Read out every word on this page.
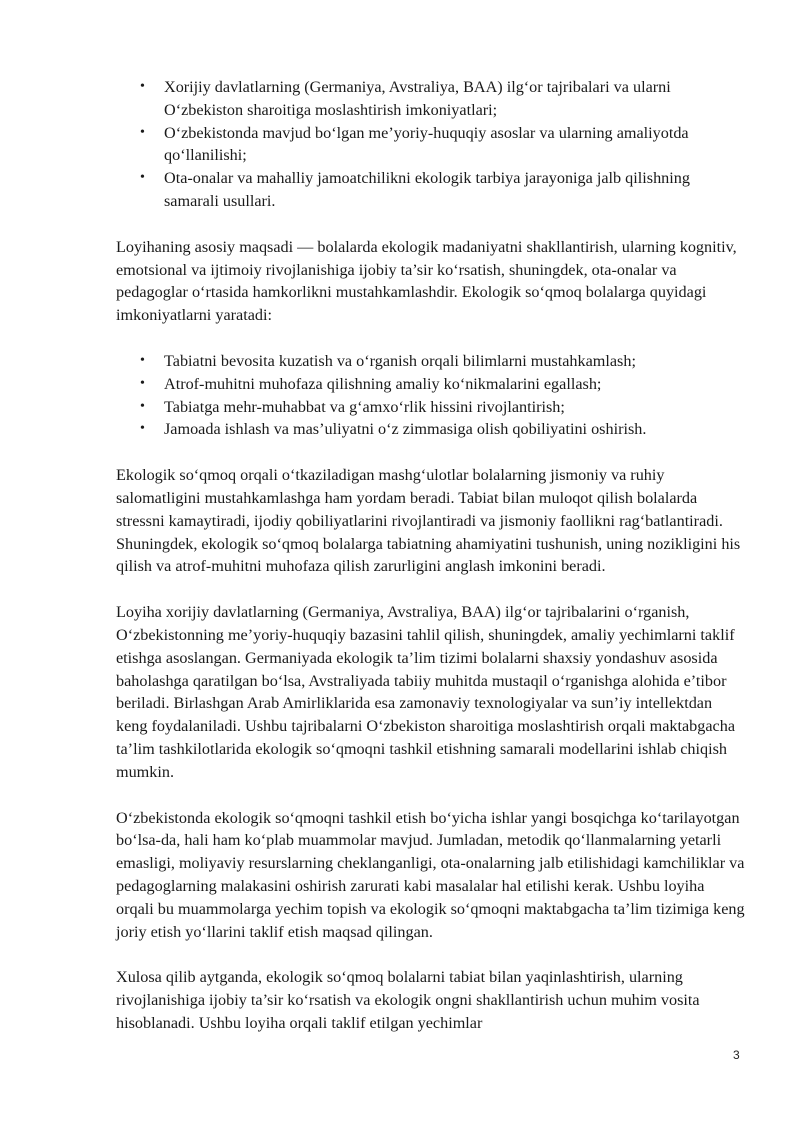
• Xorijiy davlatlarning (Germaniya, Avstraliya, BAA) ilg‘or tajribalari va ularni O‘zbekiston sharoitiga moslashtirish imkoniyatlari;
• O‘zbekistonda mavjud bo‘lgan me’yoriy-huquqiy asoslar va ularning amaliyotda qo‘llanilishi;
• Ota-onalar va mahalliy jamoatchilikni ekologik tarbiya jarayoniga jalb qilishning samarali usullari.

Loyihaning asosiy maqsadi — bolalarda ekologik madaniyatni shakllantirish, ularning kognitiv, emotsional va ijtimoiy rivojlanishiga ijobiy ta’sir ko‘rsatish, shuningdek, ota-onalar va pedagoglar o‘rtasida hamkorlikni mustahkamlashdir. Ekologik so‘qmoq bolalarga quyidagi imkoniyatlarni yaratadi:

• Tabiatni bevosita kuzatish va o‘rganish orqali bilimlarni mustahkamlash;
• Atrof-muhitni muhofaza qilishning amaliy ko‘nikmalarini egallash;
• Tabiatga mehr-muhabbat va g‘amxo‘rlik hissini rivojlantirish;
• Jamoada ishlash va mas’uliyatni o‘z zimmasiga olish qobiliyatini oshirish.

Ekologik so‘qmoq orqali o‘tkaziladigan mashg‘ulotlar bolalarning jismoniy va ruhiy salomatligini mustahkamlashga ham yordam beradi. Tabiat bilan muloqot qilish bolalarda stressni kamaytiradi, ijodiy qobiliyatlarini rivojlantiradi va jismoniy faollikni rag‘batlantiradi. Shuningdek, ekologik so‘qmoq bolalarga tabiatning ahamiyatini tushunish, uning nozikligini his qilish va atrof-muhitni muhofaza qilish zarurligini anglash imkonini beradi.

Loyiha xorijiy davlatlarning (Germaniya, Avstraliya, BAA) ilg‘or tajribalarini o‘rganish, O‘zbekistonning me’yoriy-huquqiy bazasini tahlil qilish, shuningdek, amaliy yechimlarni taklif etishga asoslangan. Germaniyada ekologik ta’lim tizimi bolalarni shaxsiy yondashuv asosida baholashga qaratilgan bo‘lsa, Avstraliyada tabiiy muhitda mustaqil o‘rganishga alohida e’tibor beriladi. Birlashgan Arab Amirliklarida esa zamonaviy texnologiyalar va sun’iy intellektdan keng foydalaniladi. Ushbu tajribalarni O‘zbekiston sharoitiga moslashtirish orqali maktabgacha ta’lim tashkilotlarida ekologik so‘qmoqni tashkil etishning samarali modellarini ishlab chiqish mumkin.

O‘zbekistonda ekologik so‘qmoqni tashkil etish bo‘yicha ishlar yangi bosqichga ko‘tarilayotgan bo‘lsa-da, hali ham ko‘plab muammolar mavjud. Jumladan, metodik qo‘llanmalarning yetarli emasligi, moliyaviy resurslarning cheklanganligi, ota-onalarning jalb etilishidagi kamchiliklar va pedagoglarning malakasini oshirish zarurati kabi masalalar hal etilishi kerak. Ushbu loyiha orqali bu muammolarga yechim topish va ekologik so‘qmoqni maktabgacha ta’lim tizimiga keng joriy etish yo‘llarini taklif etish maqsad qilingan.

Xulosa qilib aytganda, ekologik so‘qmoq bolalarni tabiat bilan yaqinlashtirish, ularning rivojlanishiga ijobiy ta’sir ko‘rsatish va ekologik ongni shakllantirish uchun muhim vosita hisoblanadi. Ushbu loyiha orqali taklif etilgan yechimlar

3
